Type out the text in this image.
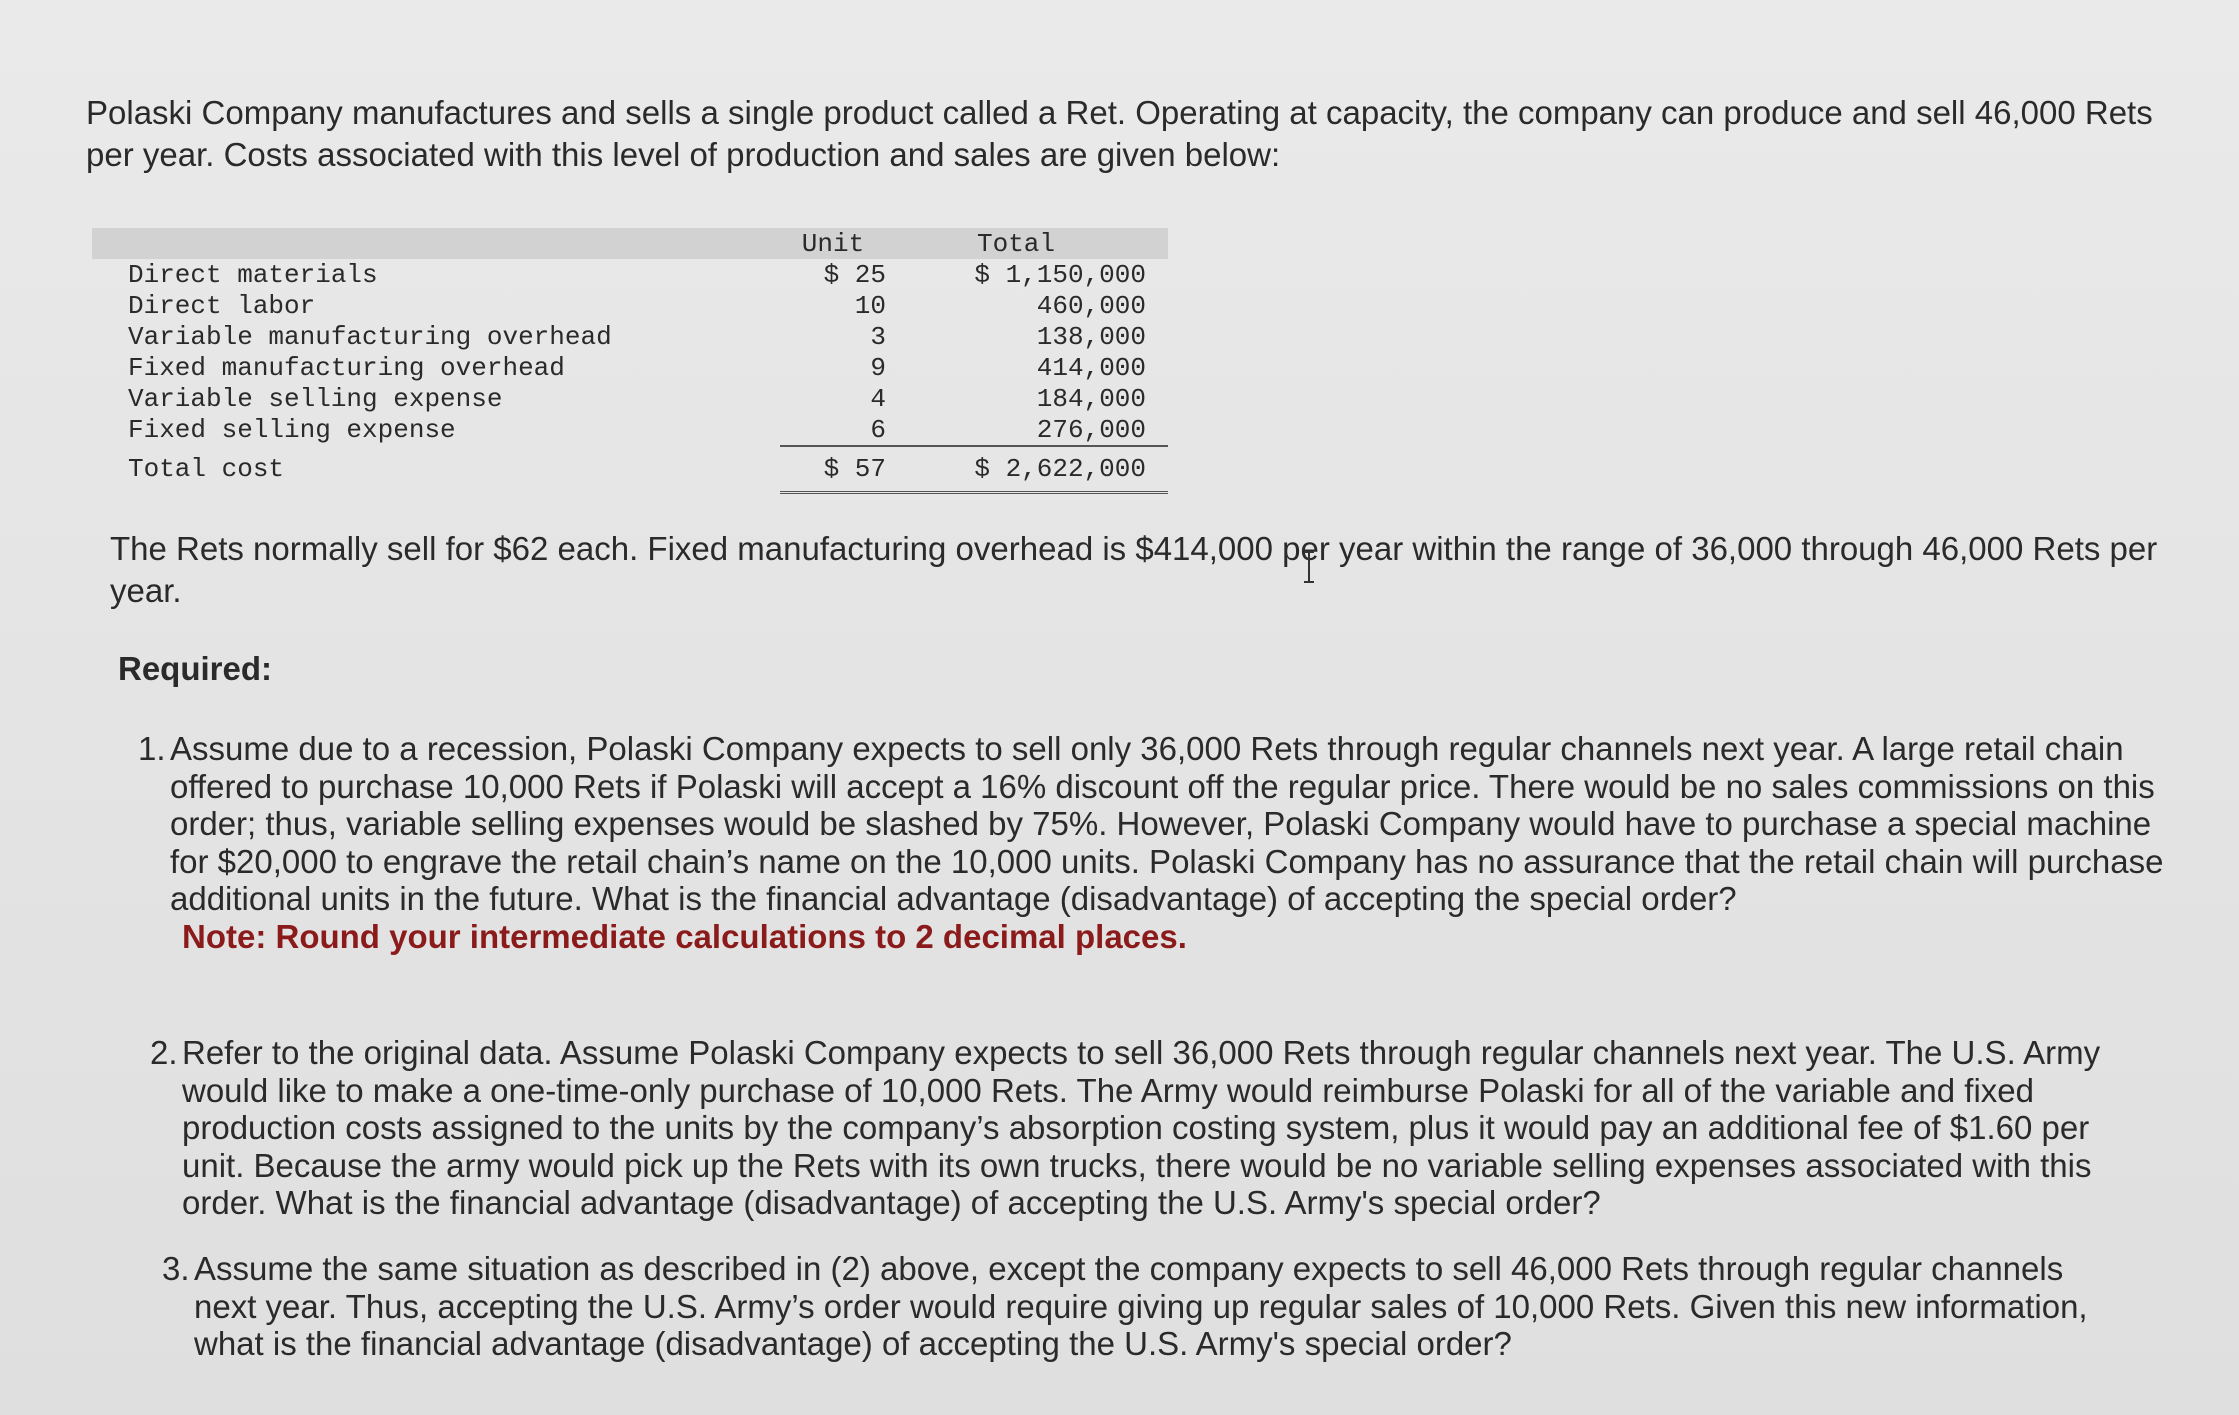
Polaski Company manufactures and sells a single product called a Ret. Operating at capacity, the company can produce and sell 46,000 Rets per year. Costs associated with this level of production and sales are given below:
	Unit	Total
Direct materials	$ 25	$ 1,150,000
Direct labor	10	460,000
Variable manufacturing overhead	3	138,000
Fixed manufacturing overhead	9	414,000
Variable selling expense	4	184,000
Fixed selling expense	6	276,000
Total cost	$ 57	$ 2,622,000
The Rets normally sell for $62 each. Fixed manufacturing overhead is $414,000 per year within the range of 36,000 through 46,000 Rets per year.
Required:
1. Assume due to a recession, Polaski Company expects to sell only 36,000 Rets through regular channels next year. A large retail chain offered to purchase 10,000 Rets if Polaski will accept a 16% discount off the regular price. There would be no sales commissions on this order; thus, variable selling expenses would be slashed by 75%. However, Polaski Company would have to purchase a special machine for $20,000 to engrave the retail chain’s name on the 10,000 units. Polaski Company has no assurance that the retail chain will purchase additional units in the future. What is the financial advantage (disadvantage) of accepting the special order?
Note: Round your intermediate calculations to 2 decimal places.
2. Refer to the original data. Assume Polaski Company expects to sell 36,000 Rets through regular channels next year. The U.S. Army would like to make a one-time-only purchase of 10,000 Rets. The Army would reimburse Polaski for all of the variable and fixed production costs assigned to the units by the company’s absorption costing system, plus it would pay an additional fee of $1.60 per unit. Because the army would pick up the Rets with its own trucks, there would be no variable selling expenses associated with this order. What is the financial advantage (disadvantage) of accepting the U.S. Army's special order?
3. Assume the same situation as described in (2) above, except the company expects to sell 46,000 Rets through regular channels next year. Thus, accepting the U.S. Army’s order would require giving up regular sales of 10,000 Rets. Given this new information, what is the financial advantage (disadvantage) of accepting the U.S. Army's special order?
